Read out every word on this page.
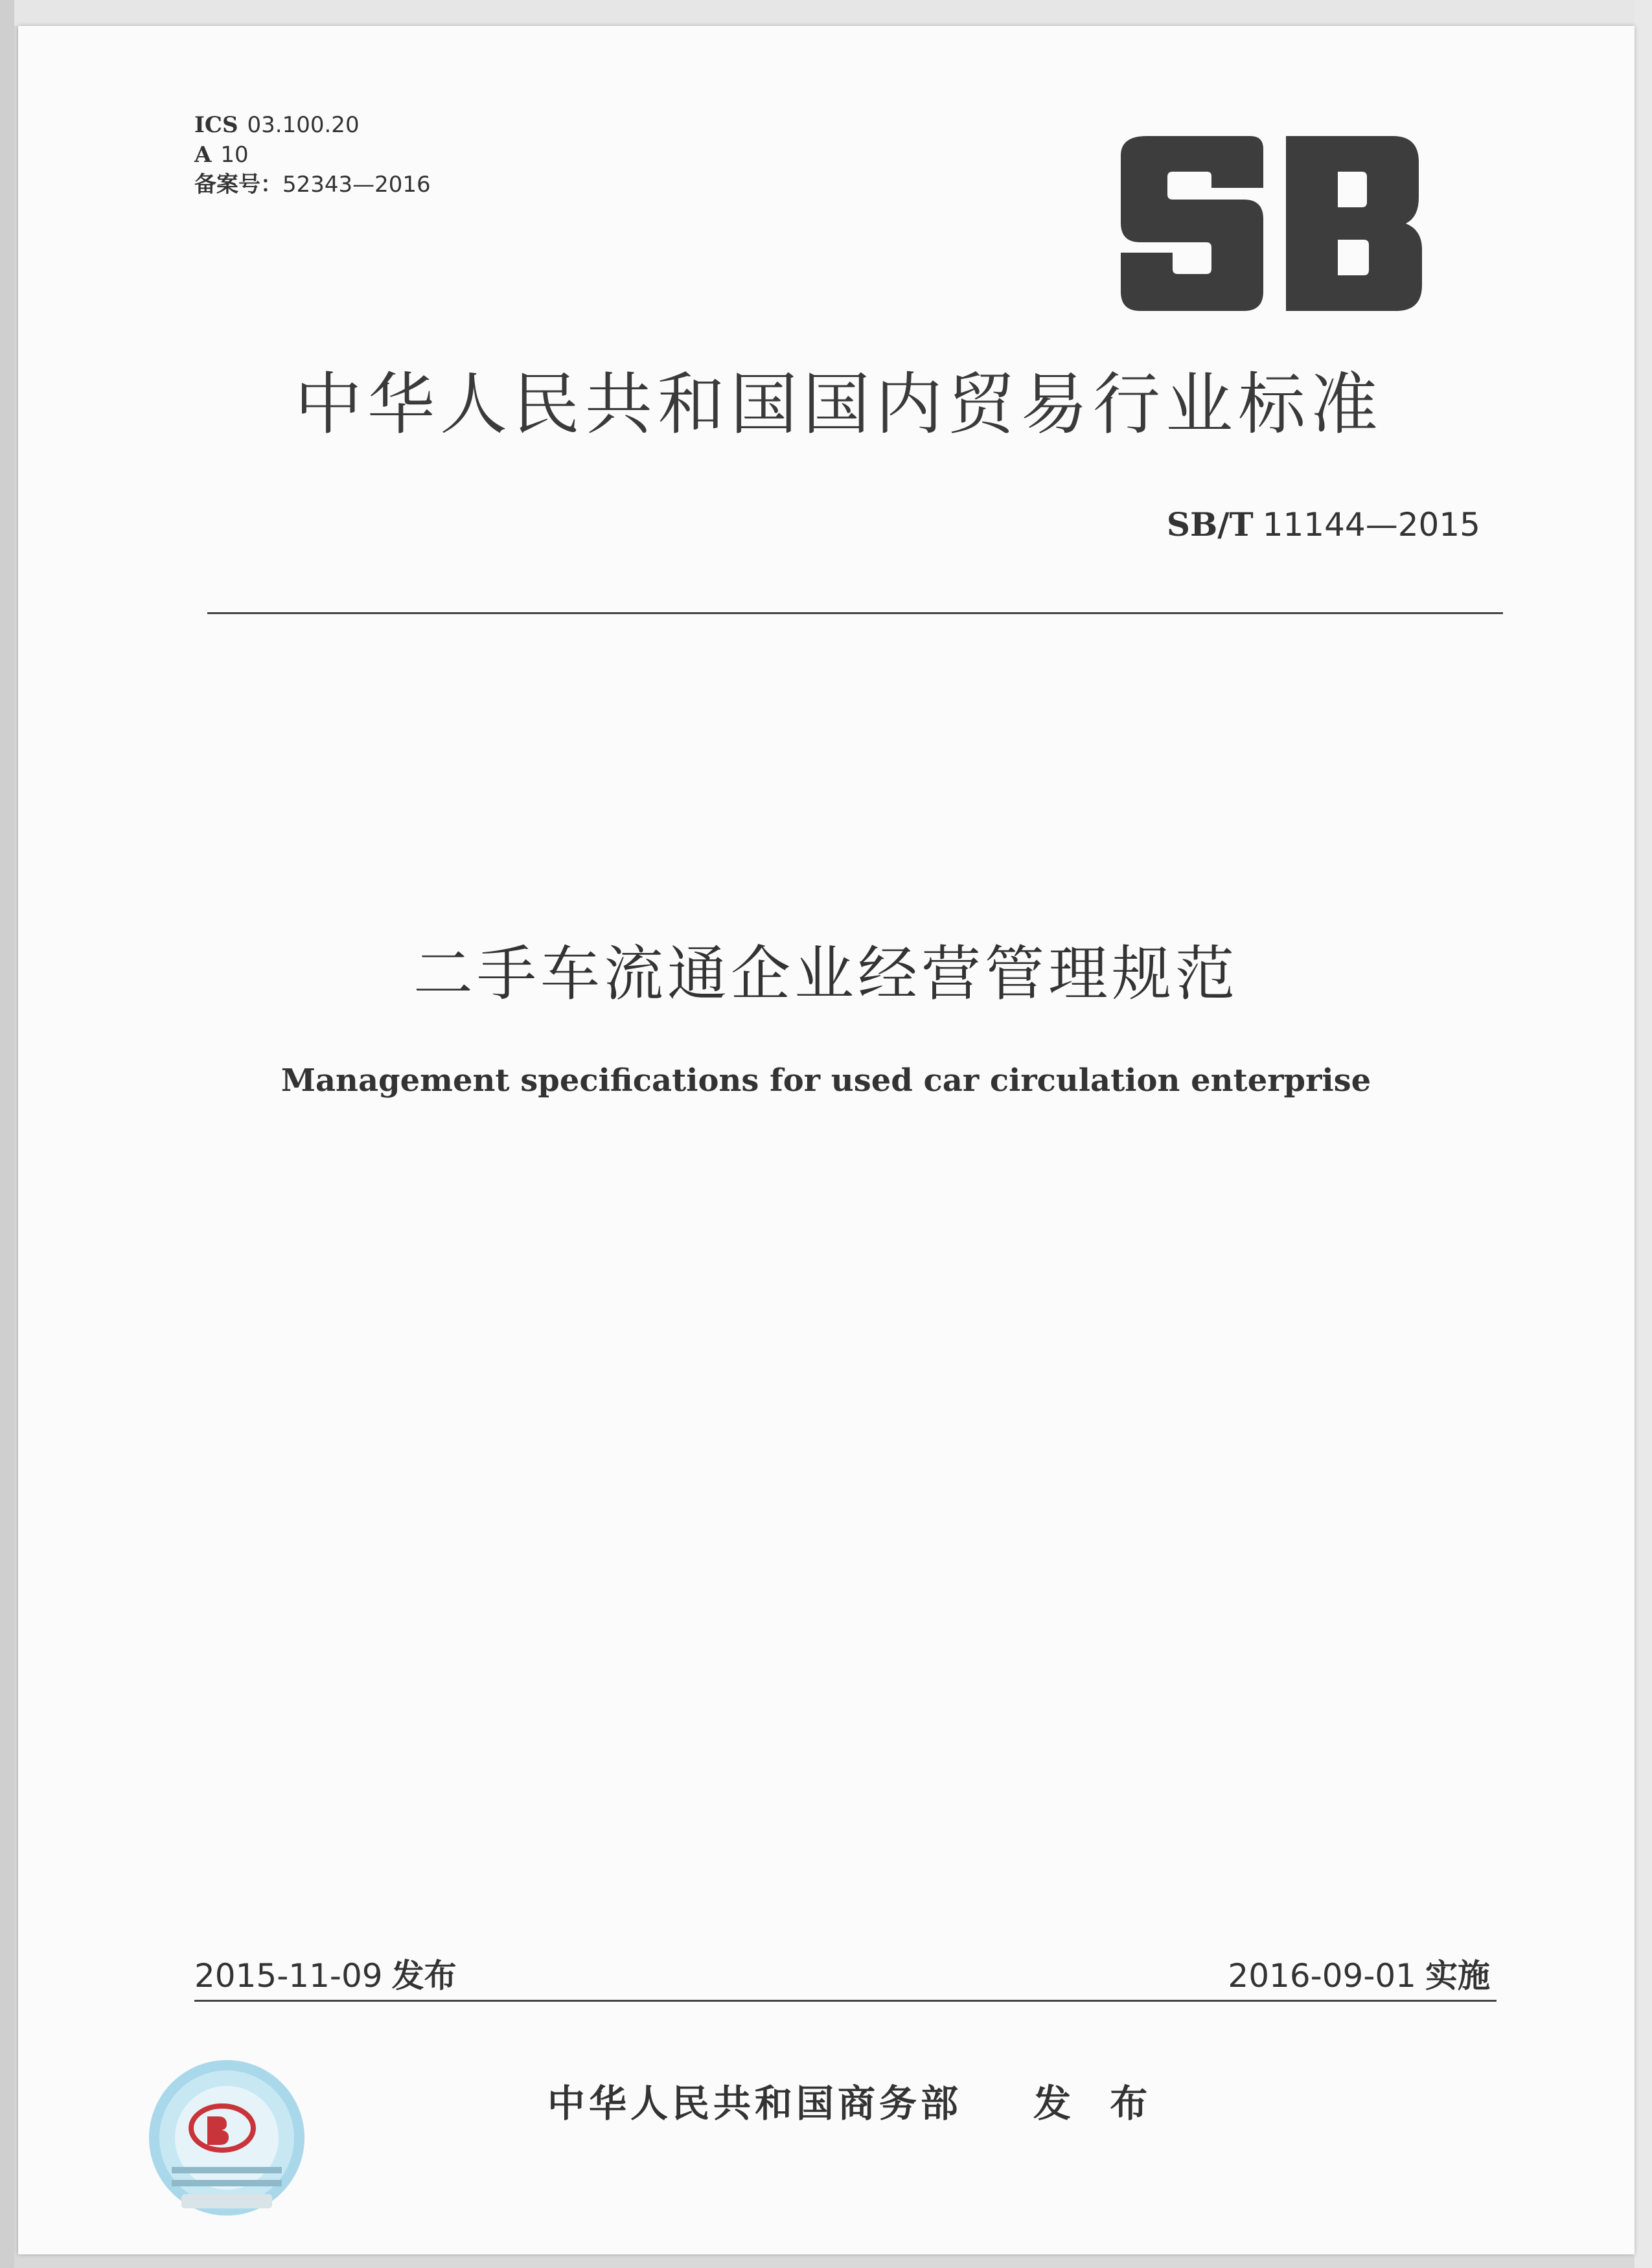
ICS 03.100.20
A 10
备案号：52343—2016
中华人民共和国国内贸易行业标准
SB/T 11144—2015
二手车流通企业经营管理规范
Management specifications for used car circulation enterprise
2015-11-09 发布	2016-09-01 实施
中华人民共和国商务部 发 布
